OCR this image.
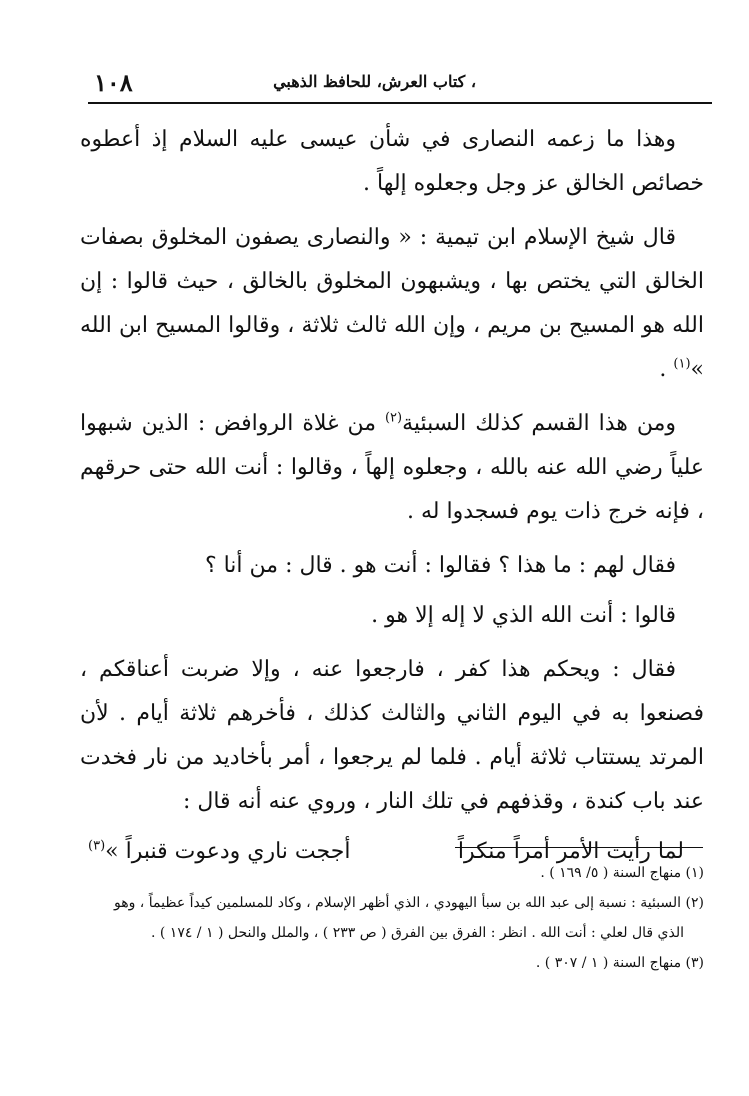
١٠٨	، كتاب العرش، للحافظ الذهبي

وهذا ما زعمه النصارى في شأن عيسى عليه السلام إذ أعطوه خصائص الخالق عز وجل وجعلوه إلهاً .

قال شيخ الإسلام ابن تيمية : « والنصارى يصفون المخلوق بصفات الخالق التي يختص بها ، ويشبهون المخلوق بالخالق ، حيث قالوا : إن الله هو المسيح بن مريم ، وإن الله ثالث ثلاثة ، وقالوا المسيح ابن الله »$^{(١)}$ .

ومن هذا القسم كذلك السبئية$^{(٢)}$ من غلاة الروافض : الذين شبهوا علياً رضي الله عنه بالله ، وجعلوه إلهاً ، وقالوا : أنت الله حتى حرقهم ، فإنه خرج ذات يوم فسجدوا له .

فقال لهم : ما هذا ؟ فقالوا : أنت هو . قال : من أنا ؟

قالوا : أنت الله الذي لا إله إلا هو .

فقال : ويحكم هذا كفر ، فارجعوا عنه ، وإلا ضربت أعناقكم ، فصنعوا به في اليوم الثاني والثالث كذلك ، فأخرهم ثلاثة أيام . لأن المرتد يستتاب ثلاثة أيام . فلما لم يرجعوا ، أمر بأخاديد من نار فخدت عند باب كندة ، وقذفهم في تلك النار ، وروي عنه أنه قال :

لما رأيت الأمر أمراً منكراً
أججت ناري ودعوت قنبراً »$^{(٣)}$

(١) منهاج السنة ( ٥/ ١٦٩ ) .

(٢) السبئية : نسبة إلى عبد الله بن سبأ اليهودي ، الذي أظهر الإسلام ، وكاد للمسلمين كيداً عظيماً ، وهو

الذي قال لعلي : أنت الله . انظر : الفرق بين الفرق ( ص ٢٣٣ ) ، والملل والنحل ( ١ / ١٧٤ ) .

(٣) منهاج السنة ( ١ / ٣٠٧ ) .
